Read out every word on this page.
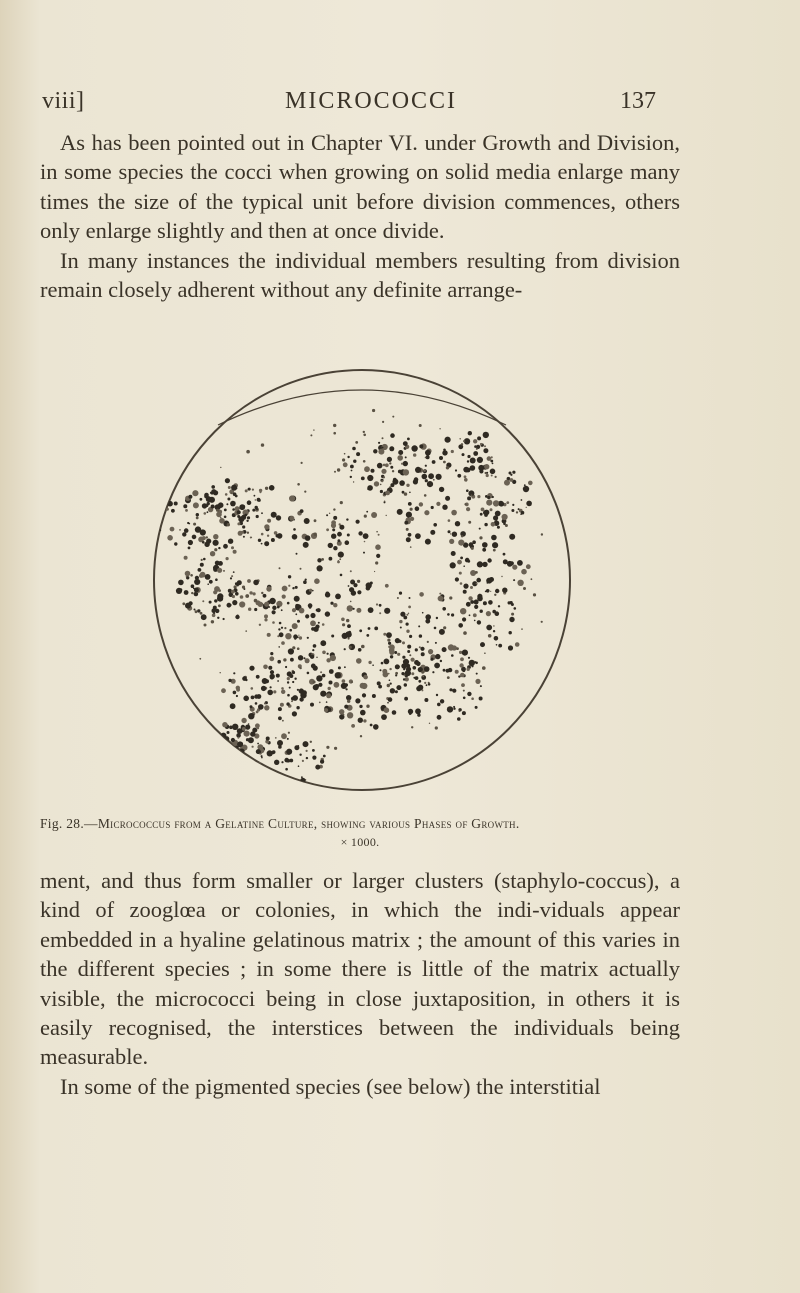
viii]	MICROCOCCI	137

As has been pointed out in Chapter VI. under Growth and Division, in some species the cocci when growing on solid media enlarge many times the size of the typical unit before division commences, others only enlarge slightly and then at once divide.

In many instances the individual members resulting from division remain closely adherent without any definite arrange-

Fig. 28.—Micrococcus from a Gelatine Culture, showing various Phases of Growth.

× 1000.

ment, and thus form smaller or larger clusters (staphylo-coccus), a kind of zooglœa or colonies, in which the indi-viduals appear embedded in a hyaline gelatinous matrix ; the amount of this varies in the different species ; in some there is little of the matrix actually visible, the micrococci being in close juxtaposition, in others it is easily recognised, the interstices between the individuals being measurable.

In some of the pigmented species (see below) the interstitial
